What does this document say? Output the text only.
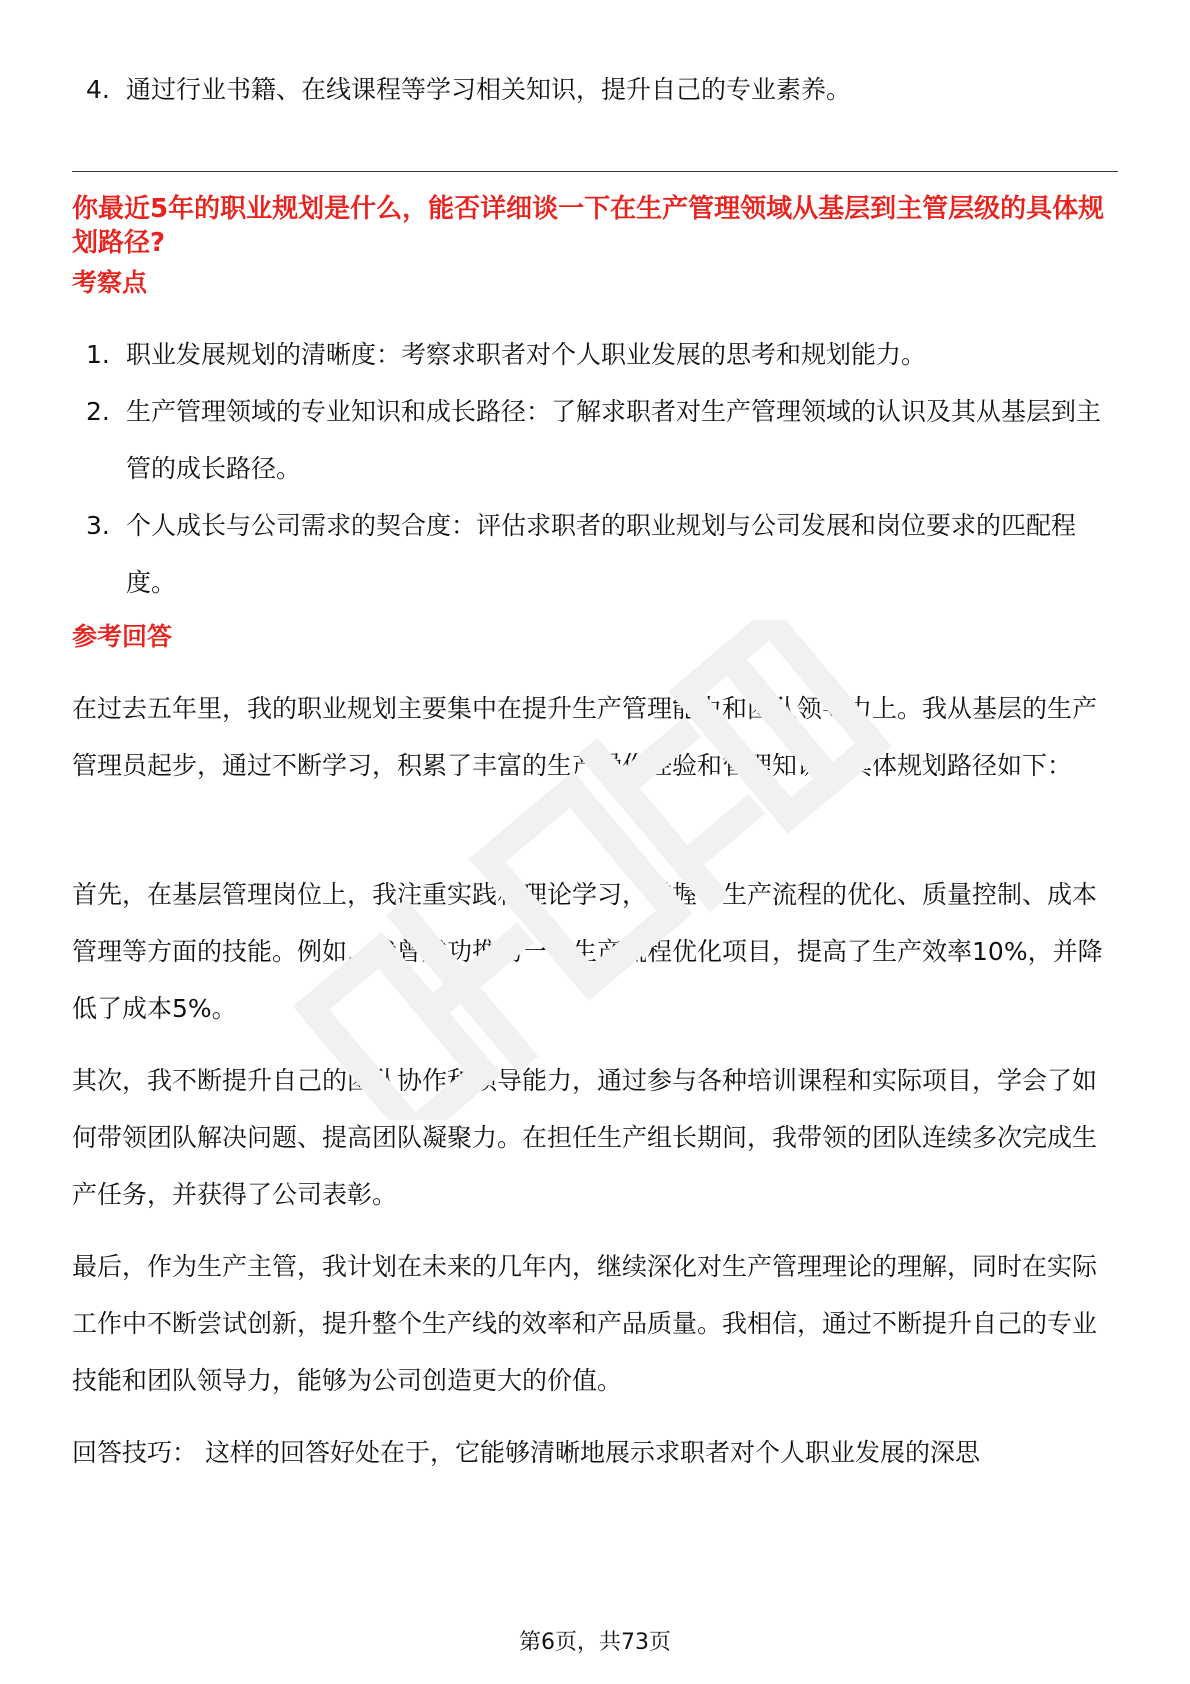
4. 通过行业书籍、在线课程等学习相关知识，提升自己的专业素养。
你最近5年的职业规划是什么，能否详细谈一下在生产管理领域从基层到主管层级的具体规划路径?
考察点
1. 职业发展规划的清晰度：考察求职者对个人职业发展的思考和规划能力。
2. 生产管理领域的专业知识和成长路径：了解求职者对生产管理领域的认识及其从基层到主管的成长路径。
3. 个人成长与公司需求的契合度：评估求职者的职业规划与公司发展和岗位要求的匹配程度。
参考回答

在过去五年里，我的职业规划主要集中在提升生产管理能力和团队领导力上。我从基层的生产管理员起步，通过不断学习，积累了丰富的生产操作经验和管理知识。具体规划路径如下：

首先，在基层管理岗位上，我注重实践和理论学习，掌握了生产流程的优化、质量控制、成本管理等方面的技能。例如，我曾成功推动一个生产流程优化项目，提高了生产效率10%，并降低了成本5%。

其次，我不断提升自己的团队协作和领导能力，通过参与各种培训课程和实际项目，学会了如何带领团队解决问题、提高团队凝聚力。在担任生产组长期间，我带领的团队连续多次完成生产任务，并获得了公司表彰。

最后，作为生产主管，我计划在未来的几年内，继续深化对生产管理理论的理解，同时在实际工作中不断尝试创新，提升整个生产线的效率和产品质量。我相信，通过不断提升自己的专业技能和团队领导力，能够为公司创造更大的价值。

回答技巧： 这样的回答好处在于，它能够清晰地展示求职者对个人职业发展的深思

第6页，共73页
